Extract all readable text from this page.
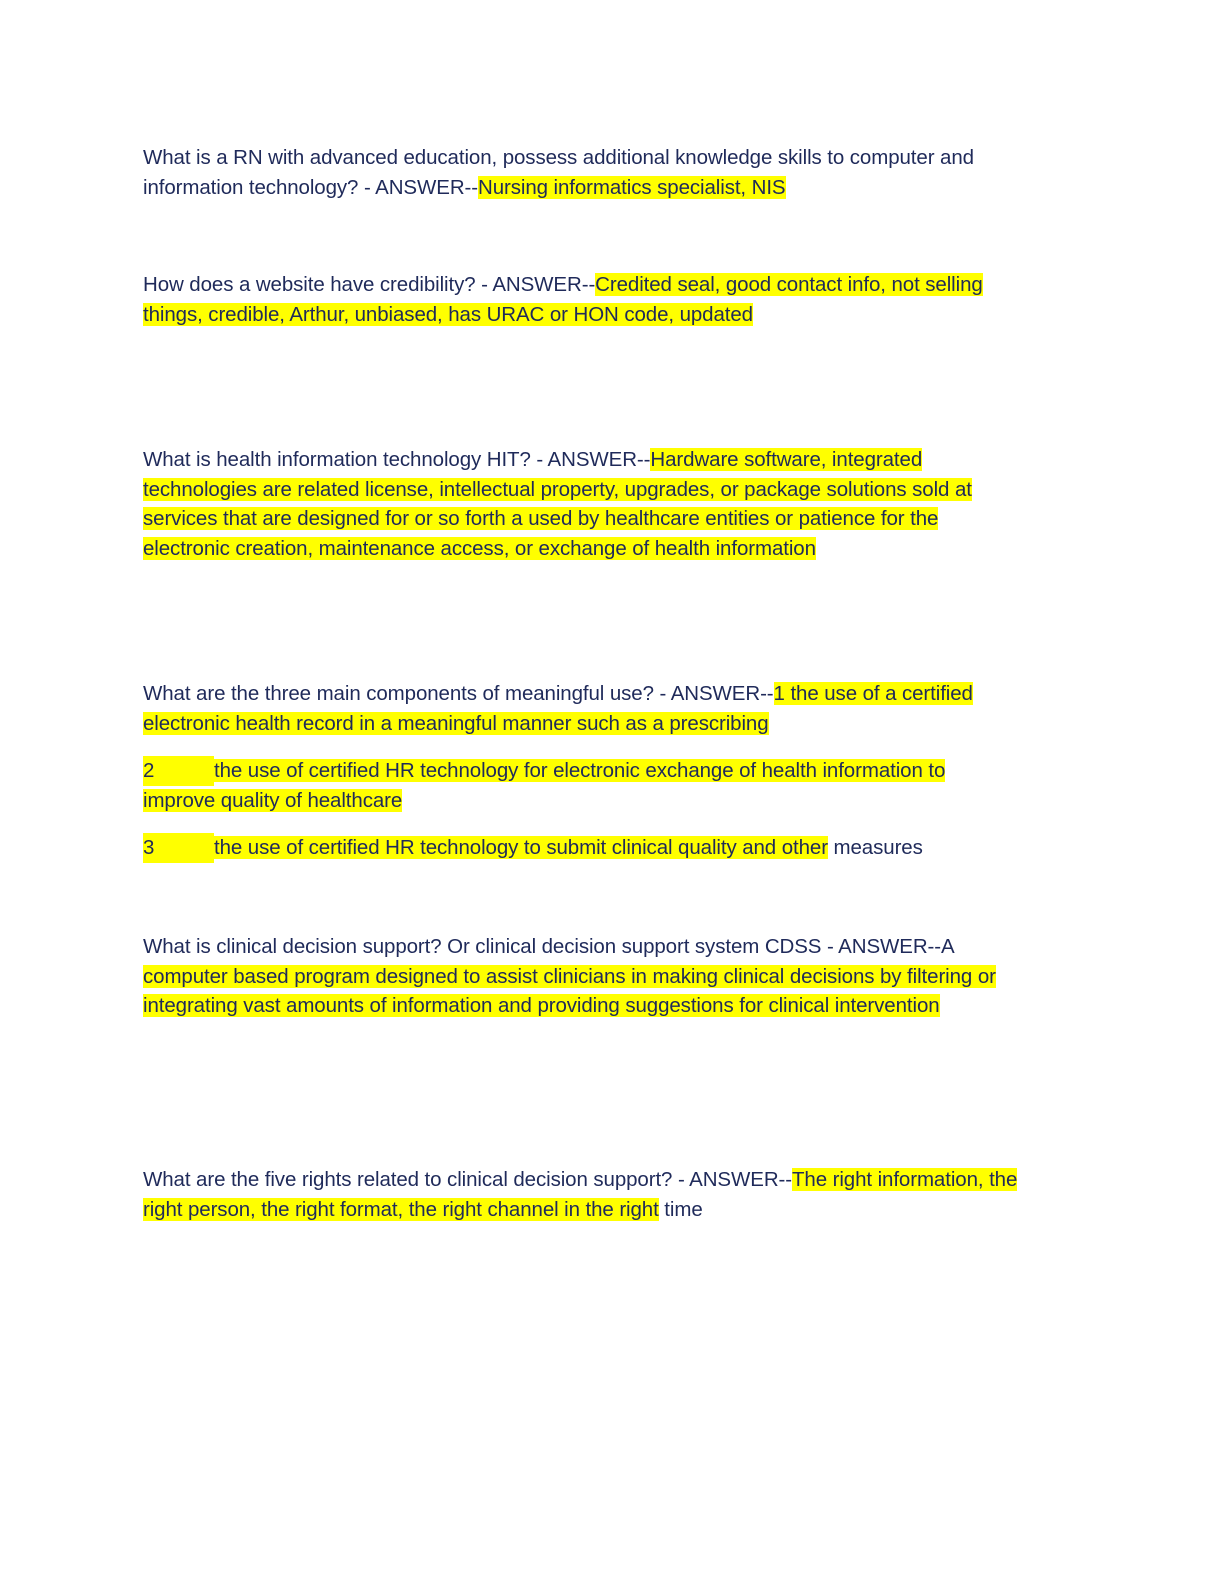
What is a RN with advanced education, possess additional knowledge skills to computer and information technology? - ANSWER--Nursing informatics specialist, NIS

How does a website have credibility? - ANSWER--Credited seal, good contact info, not selling things, credible, Arthur, unbiased, has URAC or HON code, updated

What is health information technology HIT? - ANSWER--Hardware software, integrated technologies are related license, intellectual property, upgrades, or package solutions sold at services that are designed for or so forth a used by healthcare entities or patience for the electronic creation, maintenance access, or exchange of health information

What are the three main components of meaningful use? - ANSWER--1 the use of a certified electronic health record in a meaningful manner such as a prescribing

2	the use of certified HR technology for electronic exchange of health information to improve quality of healthcare

3	the use of certified HR technology to submit clinical quality and other measures

What is clinical decision support? Or clinical decision support system CDSS - ANSWER--A computer based program designed to assist clinicians in making clinical decisions by filtering or integrating vast amounts of information and providing suggestions for clinical intervention

What are the five rights related to clinical decision support? - ANSWER--The right information, the right person, the right format, the right channel in the right time
